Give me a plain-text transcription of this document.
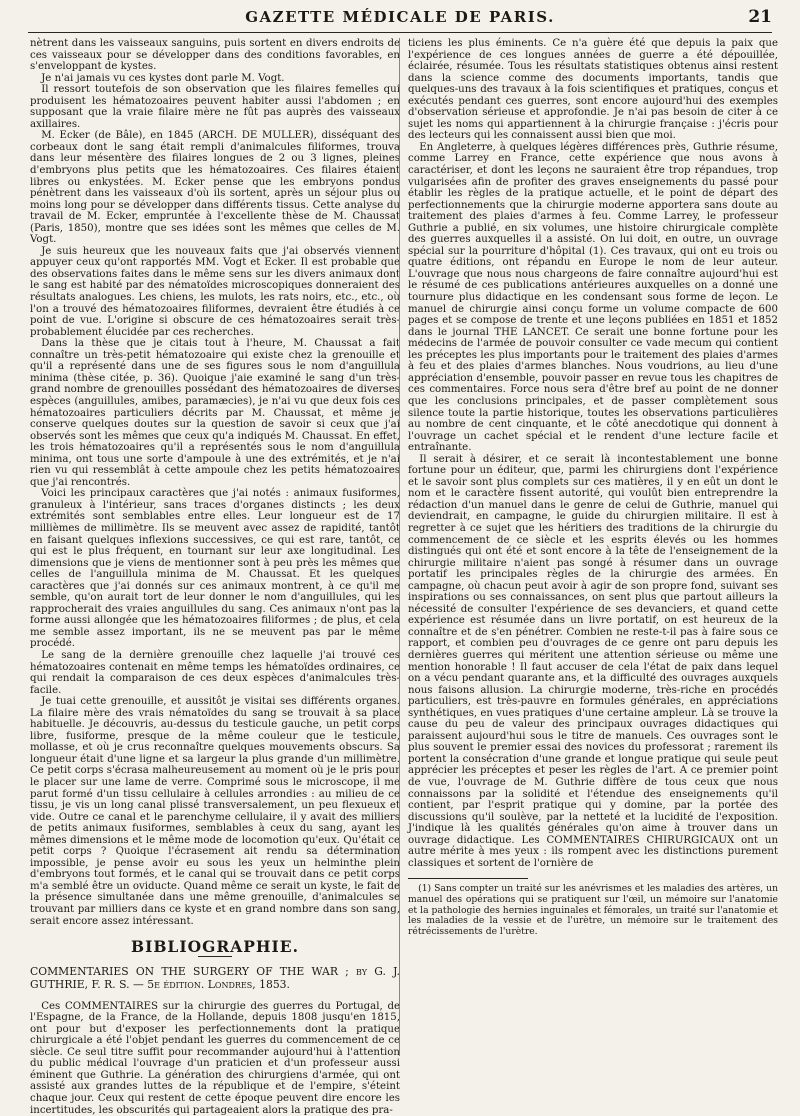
GAZETTE MÉDICALE DE PARIS.	21

nètrent dans les vaisseaux sanguins, puis sortent en divers endroits de ces vaisseaux pour se développer dans des conditions favorables, en s'enveloppant de kystes.

Je n'ai jamais vu ces kystes dont parle M. Vogt.

Il ressort toutefois de son observation que les filaires femelles qui produisent les hématozoaires peuvent habiter aussi l'abdomen ; en supposant que la vraie filaire mère ne fût pas auprès des vaisseaux axillaires.

M. Ecker (de Bâle), en 1845 (ARCH. DE MULLER), disséquant des corbeaux dont le sang était rempli d'animalcules filiformes, trouva dans leur mésentère des filaires longues de 2 ou 3 lignes, pleines d'embryons plus petits que les hématozoaires. Ces filaires étaient libres ou enkystées. M. Ecker pense que les embryons pondus pénètrent dans les vaisseaux d'où ils sortent, après un séjour plus ou moins long pour se développer dans différents tissus. Cette analyse du travail de M. Ecker, empruntée à l'excellente thèse de M. Chaussat (Paris, 1850), montre que ses idées sont les mêmes que celles de M. Vogt.

Je suis heureux que les nouveaux faits que j'ai observés viennent appuyer ceux qu'ont rapportés MM. Vogt et Ecker. Il est probable que des observations faites dans le même sens sur les divers animaux dont le sang est habité par des nématoïdes microscopiques donneraient des résultats analogues. Les chiens, les mulots, les rats noirs, etc., etc., où l'on a trouvé des hématozoaires filiformes, devraient être étudiés à ce point de vue. L'origine si obscure de ces hématozoaires serait très-probablement élucidée par ces recherches.

Dans la thèse que je citais tout à l'heure, M. Chaussat a fait connaître un très-petit hématozoaire qui existe chez la grenouille et qu'il a représenté dans une de ses figures sous le nom d'anguillula minima (thèse citée, p. 36). Quoique j'aie examiné le sang d'un très-grand nombre de grenouilles possédant des hématozoaires de diverses espèces (anguillules, amibes, paramæcies), je n'ai vu que deux fois ces hématozoaires particuliers décrits par M. Chaussat, et même je conserve quelques doutes sur la question de savoir si ceux que j'ai observés sont les mêmes que ceux qu'a indiqués M. Chaussat. En effet, les trois hématozoaires qu'il a représentés sous le nom d'anguillula minima, ont tous une sorte d'ampoule à une des extrémités, et je n'ai rien vu qui ressemblât à cette ampoule chez les petits hématozoaires que j'ai rencontrés.

Voici les principaux caractères que j'ai notés : animaux fusiformes, granuleux à l'intérieur, sans traces d'organes distincts ; les deux extrémités sont semblables entre elles. Leur longueur est de 17 millièmes de millimètre. Ils se meuvent avec assez de rapidité, tantôt en faisant quelques inflexions successives, ce qui est rare, tantôt, ce qui est le plus fréquent, en tournant sur leur axe longitudinal. Les dimensions que je viens de mentionner sont à peu près les mêmes que celles de l'anguillula minima de M. Chaussat. Et les quelques caractères que j'ai donnés sur ces animaux montrent, à ce qu'il me semble, qu'on aurait tort de leur donner le nom d'anguillules, qui les rapprocherait des vraies anguillules du sang. Ces animaux n'ont pas la forme aussi allongée que les hématozoaires filiformes ; de plus, et cela me semble assez important, ils ne se meuvent pas par le même procédé.

Le sang de la dernière grenouille chez laquelle j'ai trouvé ces hématozoaires contenait en même temps les hématoïdes ordinaires, ce qui rendait la comparaison de ces deux espèces d'animalcules très-facile.

Je tuai cette grenouille, et aussitôt je visitai ses différents organes. La filaire mère des vrais nématoïdes du sang se trouvait à sa place habituelle. Je découvris, au-dessus du testicule gauche, un petit corps libre, fusiforme, presque de la même couleur que le testicule, mollasse, et où je crus reconnaître quelques mouvements obscurs. Sa longueur était d'une ligne et sa largeur la plus grande d'un millimètre. Ce petit corps s'écrasa malheureusement au moment où je le pris pour le placer sur une lame de verre. Comprimé sous le microscope, il me parut formé d'un tissu cellulaire à cellules arrondies : au milieu de ce tissu, je vis un long canal plissé transversalement, un peu flexueux et vide. Outre ce canal et le parenchyme cellulaire, il y avait des milliers de petits animaux fusiformes, semblables à ceux du sang, ayant les mêmes dimensions et le même mode de locomotion qu'eux. Qu'était ce petit corps ? Quoique l'écrasement ait rendu sa détermination impossible, je pense avoir eu sous les yeux un helminthe plein d'embryons tout formés, et le canal qui se trouvait dans ce petit corps m'a semblé être un oviducte. Quand même ce serait un kyste, le fait de la présence simultanée dans une même grenouille, d'animalcules se trouvant par milliers dans ce kyste et en grand nombre dans son sang, serait encore assez intéressant.

BIBLIOGRAPHIE.

COMMENTARIES ON THE SURGERY OF THE WAR ; by G. J. GUTHRIE, F. R. S. — 5e édition. Londres, 1853.

Ces COMMENTAIRES sur la chirurgie des guerres du Portugal, de l'Espagne, de la France, de la Hollande, depuis 1808 jusqu'en 1815, ont pour but d'exposer les perfectionnements dont la pratique chirurgicale a été l'objet pendant les guerres du commencement de ce siècle. Ce seul titre suffit pour recommander aujourd'hui à l'attention du public médical l'ouvrage d'un praticien et d'un professeur aussi éminent que Guthrie. La génération des chirurgiens d'armée, qui ont assisté aux grandes luttes de la république et de l'empire, s'éteint chaque jour. Ceux qui restent de cette époque peuvent dire encore les incertitudes, les obscurités qui partageaient alors la pratique des pra-

ticiens les plus éminents. Ce n'a guère été que depuis la paix que l'expérience de ces longues années de guerre a été dépouillée, éclairée, résumée. Tous les résultats statistiques obtenus ainsi restent dans la science comme des documents importants, tandis que quelques-uns des travaux à la fois scientifiques et pratiques, conçus et exécutés pendant ces guerres, sont encore aujourd'hui des exemples d'observation sérieuse et approfondie. Je n'ai pas besoin de citer à ce sujet les noms qui appartiennent à la chirurgie française : j'écris pour des lecteurs qui les connaissent aussi bien que moi.

En Angleterre, à quelques légères différences près, Guthrie résume, comme Larrey en France, cette expérience que nous avons à caractériser, et dont les leçons ne sauraient être trop répandues, trop vulgarisées afin de profiter des graves enseignements du passé pour établir les règles de la pratique actuelle, et le point de départ des perfectionnements que la chirurgie moderne apportera sans doute au traitement des plaies d'armes à feu. Comme Larrey, le professeur Guthrie a publié, en six volumes, une histoire chirurgicale complète des guerres auxquelles il a assisté. On lui doit, en outre, un ouvrage spécial sur la pourriture d'hôpital (1). Ces travaux, qui ont eu trois ou quatre éditions, ont répandu en Europe le nom de leur auteur. L'ouvrage que nous nous chargeons de faire connaître aujourd'hui est le résumé de ces publications antérieures auxquelles on a donné une tournure plus didactique en les condensant sous forme de leçon. Le manuel de chirurgie ainsi conçu forme un volume compacte de 600 pages et se compose de trente et une leçons publiées en 1851 et 1852 dans le journal THE LANCET. Ce serait une bonne fortune pour les médecins de l'armée de pouvoir consulter ce vade mecum qui contient les préceptes les plus importants pour le traitement des plaies d'armes à feu et des plaies d'armes blanches. Nous voudrions, au lieu d'une appréciation d'ensemble, pouvoir passer en revue tous les chapitres de ces commentaires. Force nous sera d'être bref au point de ne donner que les conclusions principales, et de passer complètement sous silence toute la partie historique, toutes les observations particulières au nombre de cent cinquante, et le côté anecdotique qui donnent à l'ouvrage un cachet spécial et le rendent d'une lecture facile et entraînante.

Il serait à désirer, et ce serait là incontestablement une bonne fortune pour un éditeur, que, parmi les chirurgiens dont l'expérience et le savoir sont plus complets sur ces matières, il y en eût un dont le nom et le caractère fissent autorité, qui voulût bien entreprendre la rédaction d'un manuel dans le genre de celui de Guthrie, manuel qui deviendrait, en campagne, le guide du chirurgien militaire. Il est à regretter à ce sujet que les héritiers des traditions de la chirurgie du commencement de ce siècle et les esprits élevés ou les hommes distingués qui ont été et sont encore à la tête de l'enseignement de la chirurgie militaire n'aient pas songé à résumer dans un ouvrage portatif les principales règles de la chirurgie des armées. En campagne, où chacun peut avoir à agir de son propre fond, suivant ses inspirations ou ses connaissances, on sent plus que partout ailleurs la nécessité de consulter l'expérience de ses devanciers, et quand cette expérience est résumée dans un livre portatif, on est heureux de la connaître et de s'en pénétrer. Combien ne reste-t-il pas à faire sous ce rapport, et combien peu d'ouvrages de ce genre ont paru depuis les dernières guerres qui méritent une attention sérieuse ou même une mention honorable ! Il faut accuser de cela l'état de paix dans lequel on a vécu pendant quarante ans, et la difficulté des ouvrages auxquels nous faisons allusion. La chirurgie moderne, très-riche en procédés particuliers, est très-pauvre en formules générales, en appréciations synthétiques, en vues pratiques d'une certaine ampleur. Là se trouve la cause du peu de valeur des principaux ouvrages didactiques qui paraissent aujourd'hui sous le titre de manuels. Ces ouvrages sont le plus souvent le premier essai des novices du professorat ; rarement ils portent la consécration d'une grande et longue pratique qui seule peut apprécier les préceptes et peser les règles de l'art. A ce premier point de vue, l'ouvrage de M. Guthrie diffère de tous ceux que nous connaissons par la solidité et l'étendue des enseignements qu'il contient, par l'esprit pratique qui y domine, par la portée des discussions qu'il soulève, par la netteté et la lucidité de l'exposition. J'indique là les qualités générales qu'on aime à trouver dans un ouvrage didactique. Les COMMENTAIRES CHIRURGICAUX ont un autre mérite à mes yeux : ils rompent avec les distinctions purement classiques et sortent de l'ornière de

(1) Sans compter un traité sur les anévrismes et les maladies des artères, un manuel des opérations qui se pratiquent sur l'œil, un mémoire sur l'anatomie et la pathologie des hernies inguinales et fémorales, un traité sur l'anatomie et les maladies de la vessie et de l'urètre, un mémoire sur le traitement des rétrécissements de l'urètre.
